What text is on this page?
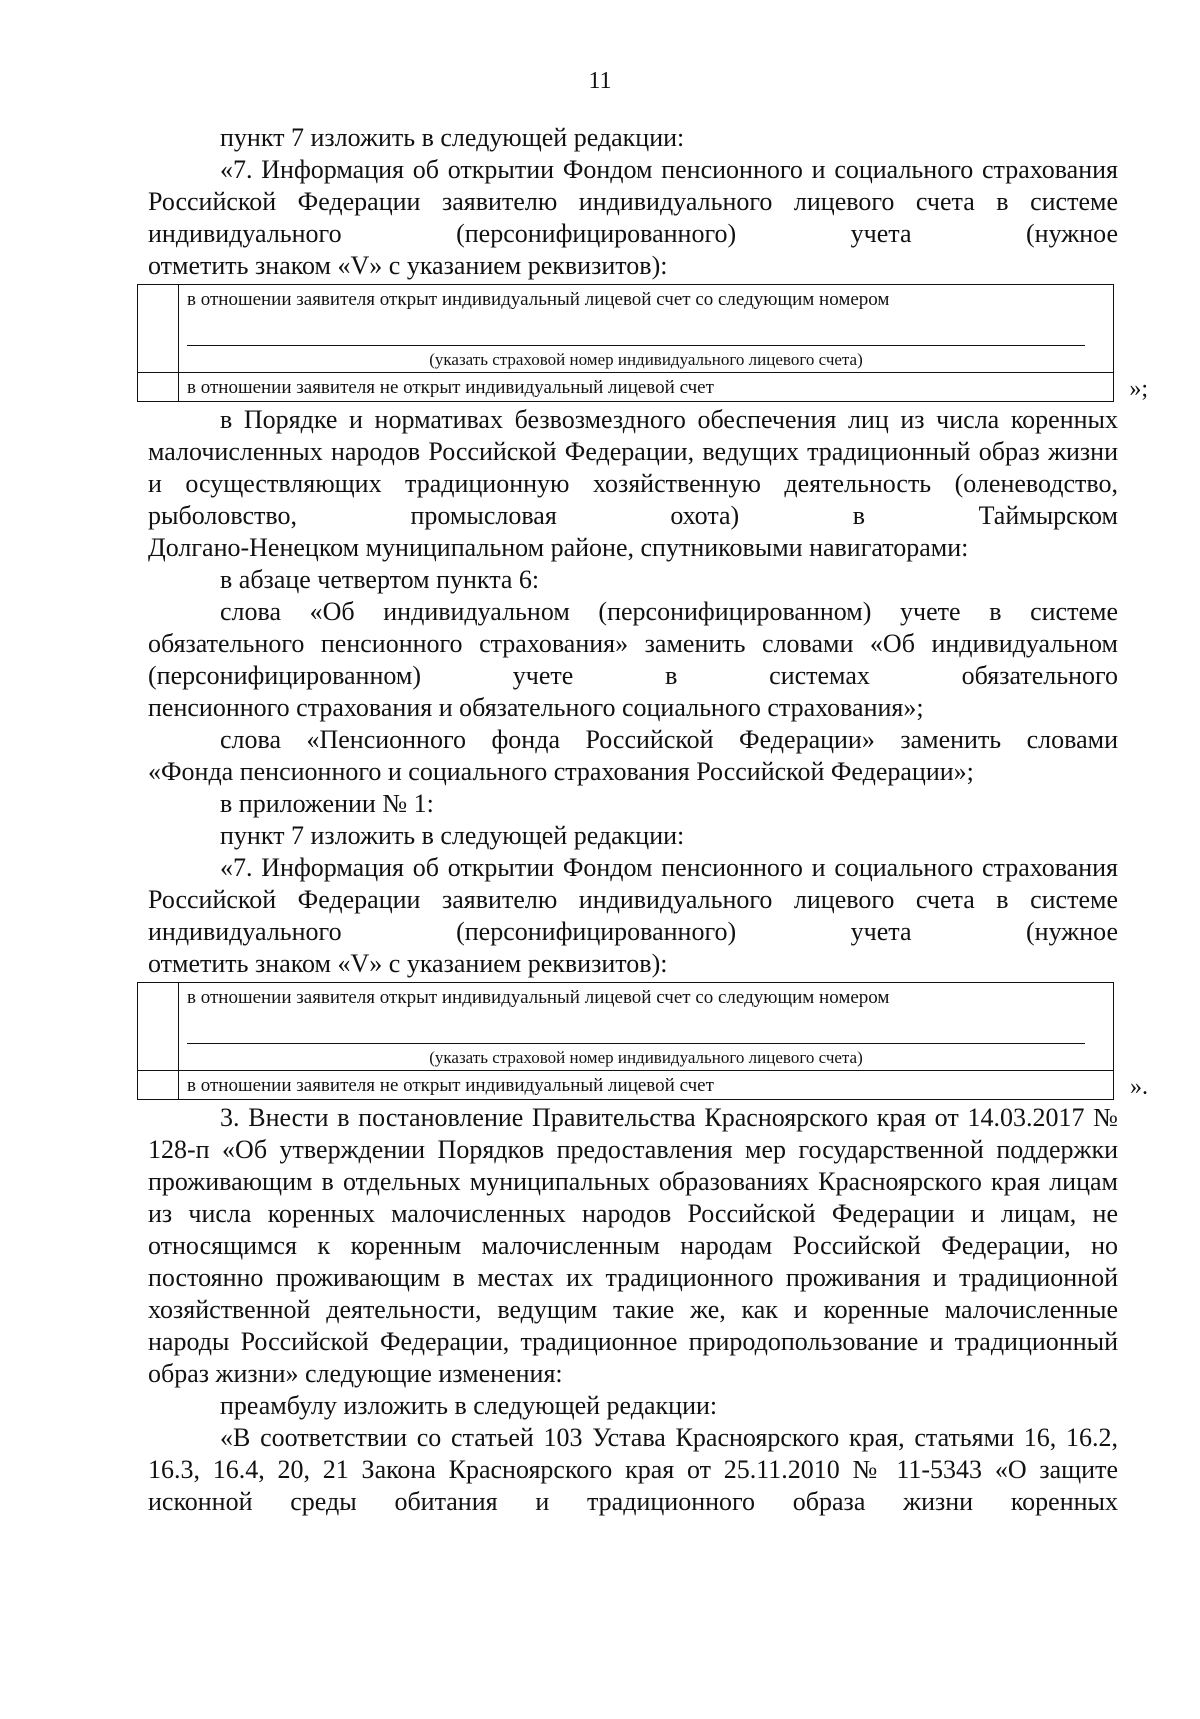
11

пункт 7 изложить в следующей редакции:

«7. Информация об открытии Фондом пенсионного и социального страхования Российской Федерации заявителю индивидуального лицевого счета в системе индивидуального (персонифицированного) учета (нужное

отметить знаком «V» с указанием реквизитов):

	в отношении заявителя открыт индивидуальный лицевой счет со следующим номером
(указать страховой номер индивидуального лицевого счета)

	в отношении заявителя не открыт индивидуальный лицевой счет	»;

в Порядке и нормативах безвозмездного обеспечения лиц из числа коренных малочисленных народов Российской Федерации, ведущих традиционный образ жизни и осуществляющих традиционную хозяйственную деятельность (оленеводство, рыболовство, промысловая охота) в Таймырском

Долгано-Ненецком муниципальном районе, спутниковыми навигаторами:

в абзаце четвертом пункта 6:

слова «Об индивидуальном (персонифицированном) учете в системе обязательного пенсионного страхования» заменить словами «Об индивидуальном (персонифицированном) учете в системах обязательного

пенсионного страхования и обязательного социального страхования»;

слова «Пенсионного фонда Российской Федерации» заменить словами

«Фонда пенсионного и социального страхования Российской Федерации»;

в приложении № 1:

пункт 7 изложить в следующей редакции:

«7. Информация об открытии Фондом пенсионного и социального страхования Российской Федерации заявителю индивидуального лицевого счета в системе индивидуального (персонифицированного) учета (нужное

отметить знаком «V» с указанием реквизитов):

	в отношении заявителя открыт индивидуальный лицевой счет со следующим номером
(указать страховой номер индивидуального лицевого счета)

	в отношении заявителя не открыт индивидуальный лицевой счет	».

3. Внести в постановление Правительства Красноярского края от 14.03.2017 № 128-п «Об утверждении Порядков предоставления мер государственной поддержки проживающим в отдельных муниципальных образованиях Красноярского края лицам из числа коренных малочисленных народов Российской Федерации и лицам, не относящимся к коренным малочисленным народам Российской Федерации, но постоянно проживающим в местах их традиционного проживания и традиционной хозяйственной деятельности, ведущим такие же, как и коренные малочисленные народы Российской Федерации, традиционное природопользование и традиционный

образ жизни» следующие изменения:

преамбулу изложить в следующей редакции:

«В соответствии со статьей 103 Устава Красноярского края, статьями 16, 16.2, 16.3, 16.4, 20, 21 Закона Красноярского края от 25.11.2010 № 11-5343 «О защите исконной среды обитания и традиционного образа жизни коренных
